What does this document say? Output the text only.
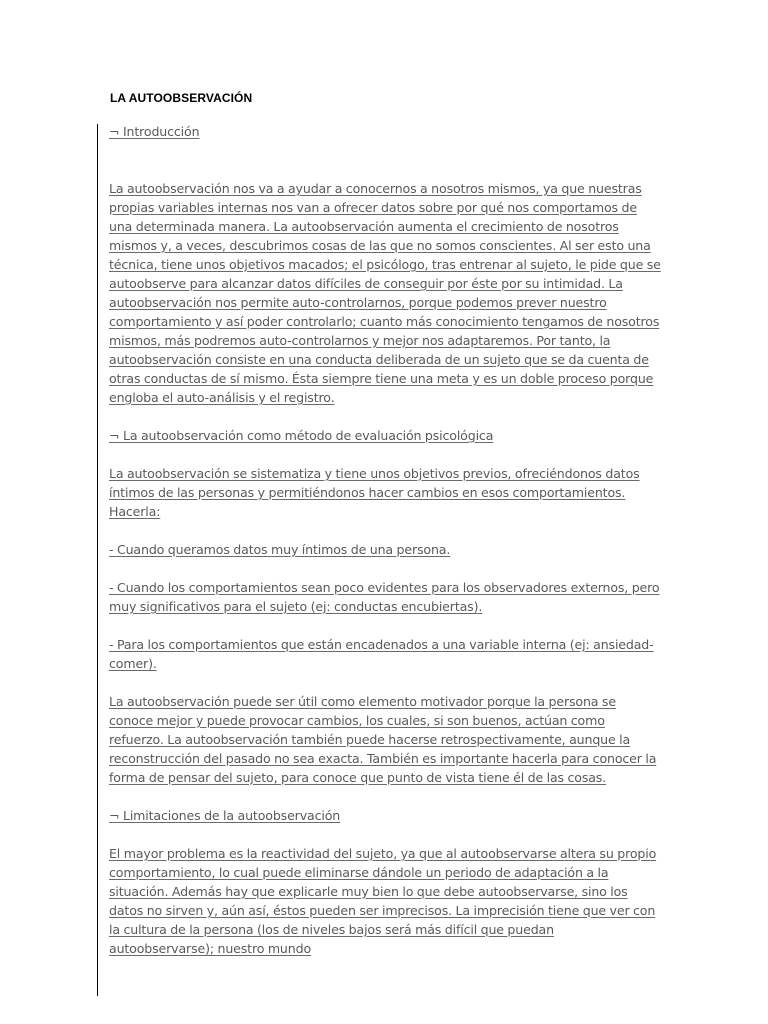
LA AUTOOBSERVACIÓN

¬ Introducción

La autoobservación nos va a ayudar a conocernos a nosotros mismos, ya que nuestras propias variables internas nos van a ofrecer datos sobre por qué nos comportamos de una determinada manera. La autoobservación aumenta el crecimiento de nosotros mismos y, a veces, descubrimos cosas de las que no somos conscientes. Al ser esto una técnica, tiene unos objetivos macados; el psicólogo, tras entrenar al sujeto, le pide que se autoobserve para alcanzar datos difíciles de conseguir por éste por su intimidad. La autoobservación nos permite auto-controlarnos, porque podemos prever nuestro comportamiento y así poder controlarlo; cuanto más conocimiento tengamos de nosotros mismos, más podremos auto-controlarnos y mejor nos adaptaremos. Por tanto, la autoobservación consiste en una conducta deliberada de un sujeto que se da cuenta de otras conductas de sí mismo. Ésta siempre tiene una meta y es un doble proceso porque engloba el auto-análisis y el registro.

¬ La autoobservación como método de evaluación psicológica

La autoobservación se sistematiza y tiene unos objetivos previos, ofreciéndonos datos íntimos de las personas y permitiéndonos hacer cambios en esos comportamientos. Hacerla:

- Cuando queramos datos muy íntimos de una persona.

- Cuando los comportamientos sean poco evidentes para los observadores externos, pero muy significativos para el sujeto (ej: conductas encubiertas).

- Para los comportamientos que están encadenados a una variable interna (ej: ansiedad-comer).

La autoobservación puede ser útil como elemento motivador porque la persona se conoce mejor y puede provocar cambios, los cuales, si son buenos, actúan como refuerzo. La autoobservación también puede hacerse retrospectivamente, aunque la reconstrucción del pasado no sea exacta. También es importante hacerla para conocer la forma de pensar del sujeto, para conoce que punto de vista tiene él de las cosas.

¬ Limitaciones de la autoobservación

El mayor problema es la reactividad del sujeto, ya que al autoobservarse altera su propio comportamiento, lo cual puede eliminarse dándole un periodo de adaptación a la situación. Además hay que explicarle muy bien lo que debe autoobservarse, sino los datos no sirven y, aún así, éstos pueden ser imprecisos. La imprecisión tiene que ver con la cultura de la persona (los de niveles bajos será más difícil que puedan autoobservarse); nuestro mundo
